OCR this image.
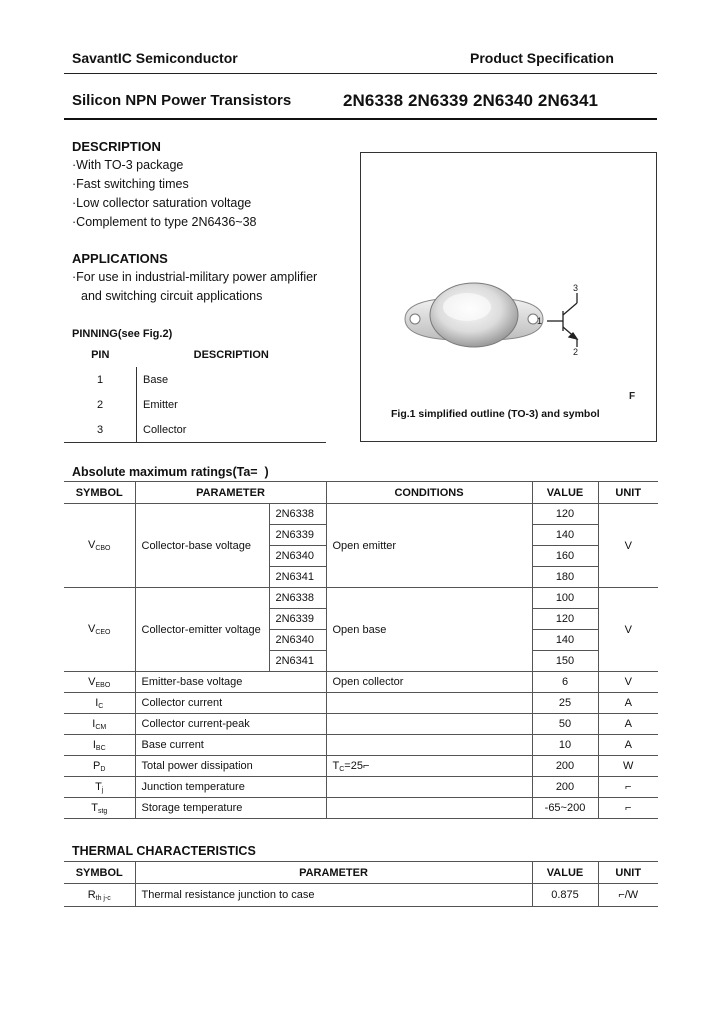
SavantIC Semiconductor	Product Specification
Silicon NPN Power Transistors	2N6338 2N6339 2N6340 2N6341
DESCRIPTION
·With TO-3 package
·Fast switching times
·Low collector saturation voltage
·Complement to type 2N6436~38
APPLICATIONS
·For use in industrial-military power amplifier
and switching circuit applications
PINNING(see Fig.2)
PIN	DESCRIPTION
1	Base
2	Emitter
3	Collector
1
2
3
F
Fig.1 simplified outline (TO-3) and symbol
Absolute maximum ratings(Ta= )
SYMBOL	PARAMETER		CONDITIONS	VALUE	UNIT
$V_{CBO}$	Collector-base voltage	2N6338	Open emitter	120	V
		2N6339		140	
		2N6340		160	
		2N6341		180	
$V_{CEO}$	Collector-emitter voltage	2N6338	Open base	100	V
		2N6339		120	
		2N6340		140	
		2N6341		150	
$V_{EBO}$	Emitter-base voltage		Open collector	6	V
$I_C$	Collector current			25	A
$I_{CM}$	Collector current-peak			50	A
$I_{BC}$	Base current			10	A
$P_D$	Total power dissipation		$T_C=25⌐$	200	W
$T_j$	Junction temperature			200	⌐
$T_{stg}$	Storage temperature			-65~200	⌐
THERMAL CHARACTERISTICS
SYMBOL	PARAMETER	VALUE	UNIT
$R_{th j-c}$	Thermal resistance junction to case	0.875	⌐/W
